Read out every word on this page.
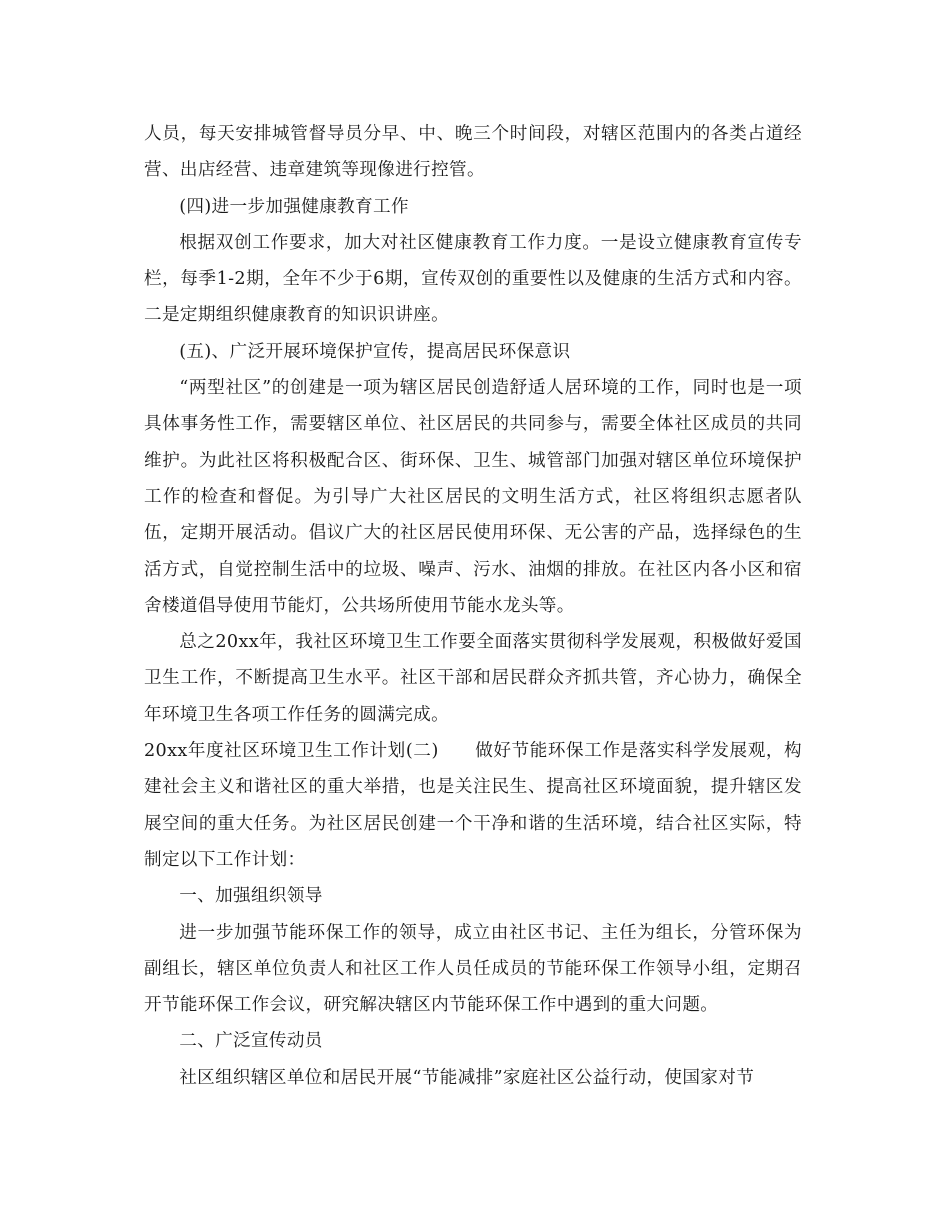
人员，每天安排城管督导员分早、中、晚三个时间段，对辖区范围内的各类占道经营、出店经营、违章建筑等现像进行控管。

(四)进一步加强健康教育工作

根据双创工作要求，加大对社区健康教育工作力度。一是设立健康教育宣传专栏，每季1-2期，全年不少于6期，宣传双创的重要性以及健康的生活方式和内容。二是定期组织健康教育的知识识讲座。

(五)、广泛开展环境保护宣传，提高居民环保意识

“两型社区”的创建是一项为辖区居民创造舒适人居环境的工作，同时也是一项具体事务性工作，需要辖区单位、社区居民的共同参与，需要全体社区成员的共同维护。为此社区将积极配合区、街环保、卫生、城管部门加强对辖区单位环境保护工作的检查和督促。为引导广大社区居民的文明生活方式，社区将组织志愿者队伍，定期开展活动。倡议广大的社区居民使用环保、无公害的产品，选择绿色的生活方式，自觉控制生活中的垃圾、噪声、污水、油烟的排放。在社区内各小区和宿舍楼道倡导使用节能灯，公共场所使用节能水龙头等。

总之20xx年，我社区环境卫生工作要全面落实贯彻科学发展观，积极做好爱国卫生工作，不断提高卫生水平。社区干部和居民群众齐抓共管，齐心协力，确保全年环境卫生各项工作任务的圆满完成。

20xx年度社区环境卫生工作计划(二)　　做好节能环保工作是落实科学发展观，构建社会主义和谐社区的重大举措，也是关注民生、提高社区环境面貌，提升辖区发展空间的重大任务。为社区居民创建一个干净和谐的生活环境，结合社区实际，特制定以下工作计划：

一、加强组织领导

进一步加强节能环保工作的领导，成立由社区书记、主任为组长，分管环保为副组长，辖区单位负责人和社区工作人员任成员的节能环保工作领导小组，定期召开节能环保工作会议，研究解决辖区内节能环保工作中遇到的重大问题。

二、广泛宣传动员

社区组织辖区单位和居民开展“节能减排”家庭社区公益行动，使国家对节
